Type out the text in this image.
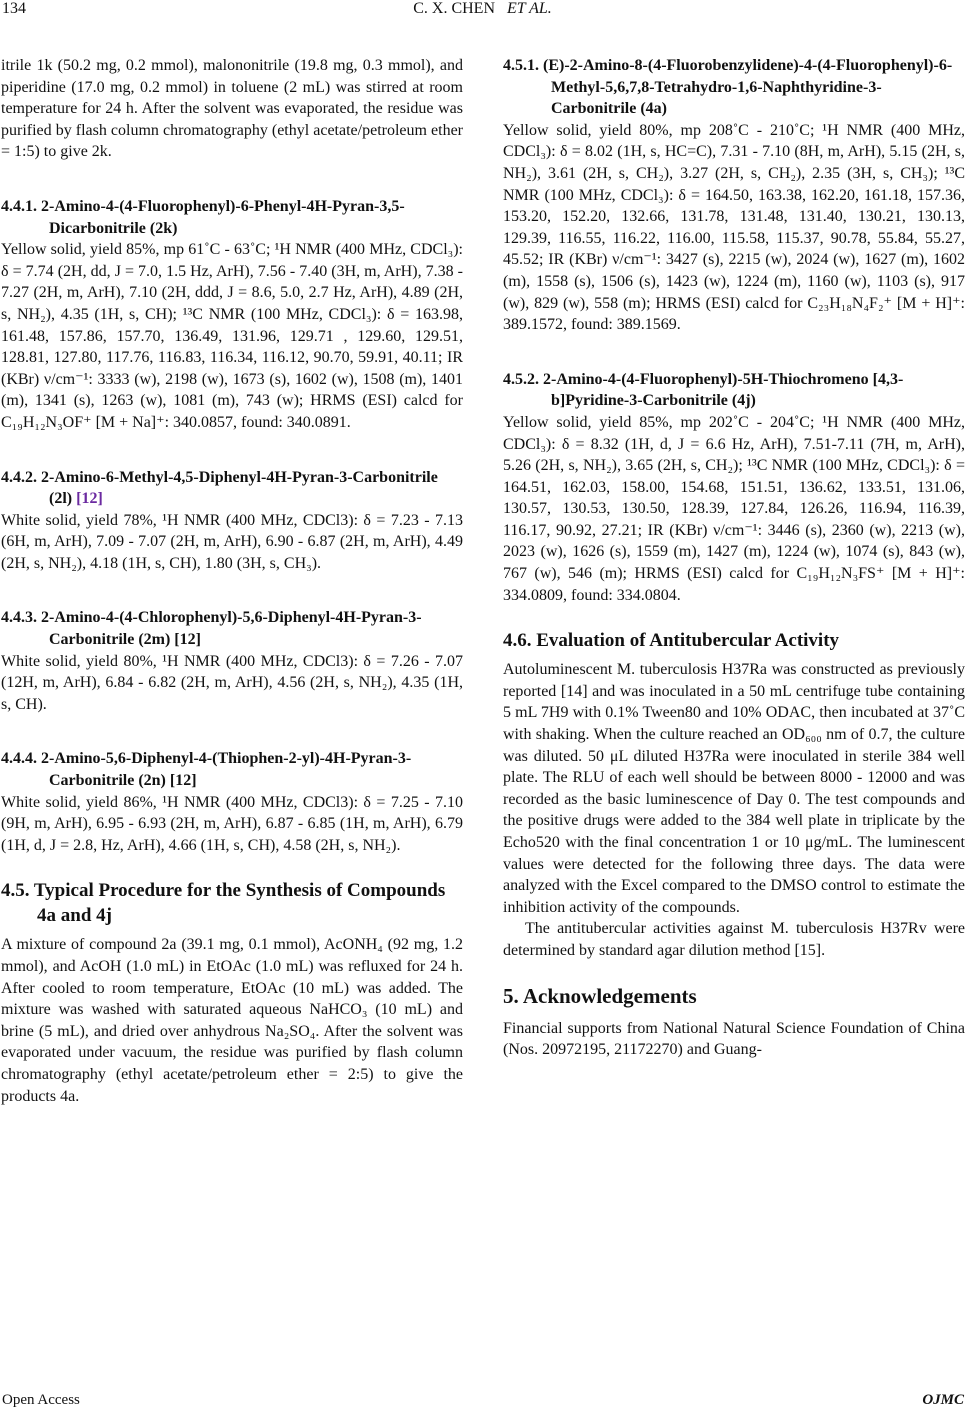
134	C. X. CHEN ET AL.

itrile 1k (50.2 mg, 0.2 mmol), malononitrile (19.8 mg, 0.3 mmol), and piperidine (17.0 mg, 0.2 mmol) in toluene (2 mL) was stirred at room temperature for 24 h. After the solvent was evaporated, the residue was purified by flash column chromatography (ethyl acetate/petroleum ether = 1:5) to give 2k.

4.4.1. 2-Amino-4-(4-Fluorophenyl)-6-Phenyl-4H-Pyran-3,5-Dicarbonitrile (2k)

Yellow solid, yield 85%, mp 61˚C - 63˚C; ¹H NMR (400 MHz, CDCl₃): δ = 7.74 (2H, dd, J = 7.0, 1.5 Hz, ArH), 7.56 - 7.40 (3H, m, ArH), 7.38 - 7.27 (2H, m, ArH), 7.10 (2H, ddd, J = 8.6, 5.0, 2.7 Hz, ArH), 4.89 (2H, s, NH₂), 4.35 (1H, s, CH); ¹³C NMR (100 MHz, CDCl₃): δ = 163.98, 161.48, 157.86, 157.70, 136.49, 131.96, 129.71 , 129.60, 129.51, 128.81, 127.80, 117.76, 116.83, 116.34, 116.12, 90.70, 59.91, 40.11; IR (KBr) ν/cm⁻¹: 3333 (w), 2198 (w), 1673 (s), 1602 (w), 1508 (m), 1401 (m), 1341 (s), 1263 (w), 1081 (m), 743 (w); HRMS (ESI) calcd for C₁₉H₁₂N₃OF⁺ [M + Na]⁺: 340.0857, found: 340.0891.

4.4.2. 2-Amino-6-Methyl-4,5-Diphenyl-4H-Pyran-3-Carbonitrile (2l) [12]

White solid, yield 78%, ¹H NMR (400 MHz, CDCl3): δ = 7.23 - 7.13 (6H, m, ArH), 7.09 - 7.07 (2H, m, ArH), 6.90 - 6.87 (2H, m, ArH), 4.49 (2H, s, NH₂), 4.18 (1H, s, CH), 1.80 (3H, s, CH₃).

4.4.3. 2-Amino-4-(4-Chlorophenyl)-5,6-Diphenyl-4H-Pyran-3-Carbonitrile (2m) [12]

White solid, yield 80%, ¹H NMR (400 MHz, CDCl3): δ = 7.26 - 7.07 (12H, m, ArH), 6.84 - 6.82 (2H, m, ArH), 4.56 (2H, s, NH₂), 4.35 (1H, s, CH).

4.4.4. 2-Amino-5,6-Diphenyl-4-(Thiophen-2-yl)-4H-Pyran-3-Carbonitrile (2n) [12]

White solid, yield 86%, ¹H NMR (400 MHz, CDCl3): δ = 7.25 - 7.10 (9H, m, ArH), 6.95 - 6.93 (2H, m, ArH), 6.87 - 6.85 (1H, m, ArH), 6.79 (1H, d, J = 2.8, Hz, ArH), 4.66 (1H, s, CH), 4.58 (2H, s, NH₂).

4.5. Typical Procedure for the Synthesis of Compounds 4a and 4j

A mixture of compound 2a (39.1 mg, 0.1 mmol), AcONH₄ (92 mg, 1.2 mmol), and AcOH (1.0 mL) in EtOAc (1.0 mL) was refluxed for 24 h. After cooled to room temperature, EtOAc (10 mL) was added. The mixture was washed with saturated aqueous NaHCO₃ (10 mL) and brine (5 mL), and dried over anhydrous Na₂SO₄. After the solvent was evaporated under vacuum, the residue was purified by flash column chromatography (ethyl acetate/petroleum ether = 2:5) to give the products 4a.

4.5.1. (E)-2-Amino-8-(4-Fluorobenzylidene)-4-(4-Fluorophenyl)-6-Methyl-5,6,7,8-Tetrahydro-1,6-Naphthyridine-3-Carbonitrile (4a)

Yellow solid, yield 80%, mp 208˚C - 210˚C; ¹H NMR (400 MHz, CDCl₃): δ = 8.02 (1H, s, HC=C), 7.31 - 7.10 (8H, m, ArH), 5.15 (2H, s, NH₂), 3.61 (2H, s, CH₂), 3.27 (2H, s, CH₂), 2.35 (3H, s, CH₃); ¹³C NMR (100 MHz, CDCl₃): δ = 164.50, 163.38, 162.20, 161.18, 157.36, 153.20, 152.20, 132.66, 131.78, 131.48, 131.40, 130.21, 130.13, 129.39, 116.55, 116.22, 116.00, 115.58, 115.37, 90.78, 55.84, 55.27, 45.52; IR (KBr) ν/cm⁻¹: 3427 (s), 2215 (w), 2024 (w), 1627 (m), 1602 (m), 1558 (s), 1506 (s), 1423 (w), 1224 (m), 1160 (w), 1103 (s), 917 (w), 829 (w), 558 (m); HRMS (ESI) calcd for C₂₃H₁₈N₄F₂⁺ [M + H]⁺: 389.1572, found: 389.1569.

4.5.2. 2-Amino-4-(4-Fluorophenyl)-5H-Thiochromeno [4,3-b]Pyridine-3-Carbonitrile (4j)

Yellow solid, yield 85%, mp 202˚C - 204˚C; ¹H NMR (400 MHz, CDCl₃): δ = 8.32 (1H, d, J = 6.6 Hz, ArH), 7.51-7.11 (7H, m, ArH), 5.26 (2H, s, NH₂), 3.65 (2H, s, CH₂); ¹³C NMR (100 MHz, CDCl₃): δ = 164.51, 162.03, 158.00, 154.68, 151.51, 136.62, 133.51, 131.06, 130.57, 130.53, 130.50, 128.39, 127.84, 126.26, 116.94, 116.39, 116.17, 90.92, 27.21; IR (KBr) ν/cm⁻¹: 3446 (s), 2360 (w), 2213 (w), 2023 (w), 1626 (s), 1559 (m), 1427 (m), 1224 (w), 1074 (s), 843 (w), 767 (w), 546 (m); HRMS (ESI) calcd for C₁₉H₁₂N₃FS⁺ [M + H]⁺: 334.0809, found: 334.0804.

4.6. Evaluation of Antitubercular Activity

Autoluminescent M. tuberculosis H37Ra was constructed as previously reported [14] and was inoculated in a 50 mL centrifuge tube containing 5 mL 7H9 with 0.1% Tween80 and 10% ODAC, then incubated at 37˚C with shaking. When the culture reached an OD₆₀₀ nm of 0.7, the culture was diluted. 50 μL diluted H37Ra were inoculated in sterile 384 well plate. The RLU of each well should be between 8000 - 12000 and was recorded as the basic luminescence of Day 0. The test compounds and the positive drugs were added to the 384 well plate in triplicate by the Echo520 with the final concentration 1 or 10 μg/mL. The luminescent values were detected for the following three days. The data were analyzed with the Excel compared to the DMSO control to estimate the inhibition activity of the compounds.

The antitubercular activities against M. tuberculosis H37Rv were determined by standard agar dilution method [15].

5. Acknowledgements

Financial supports from National Natural Science Foundation of China (Nos. 20972195, 21172270) and Guang-

Open Access	OJMC
